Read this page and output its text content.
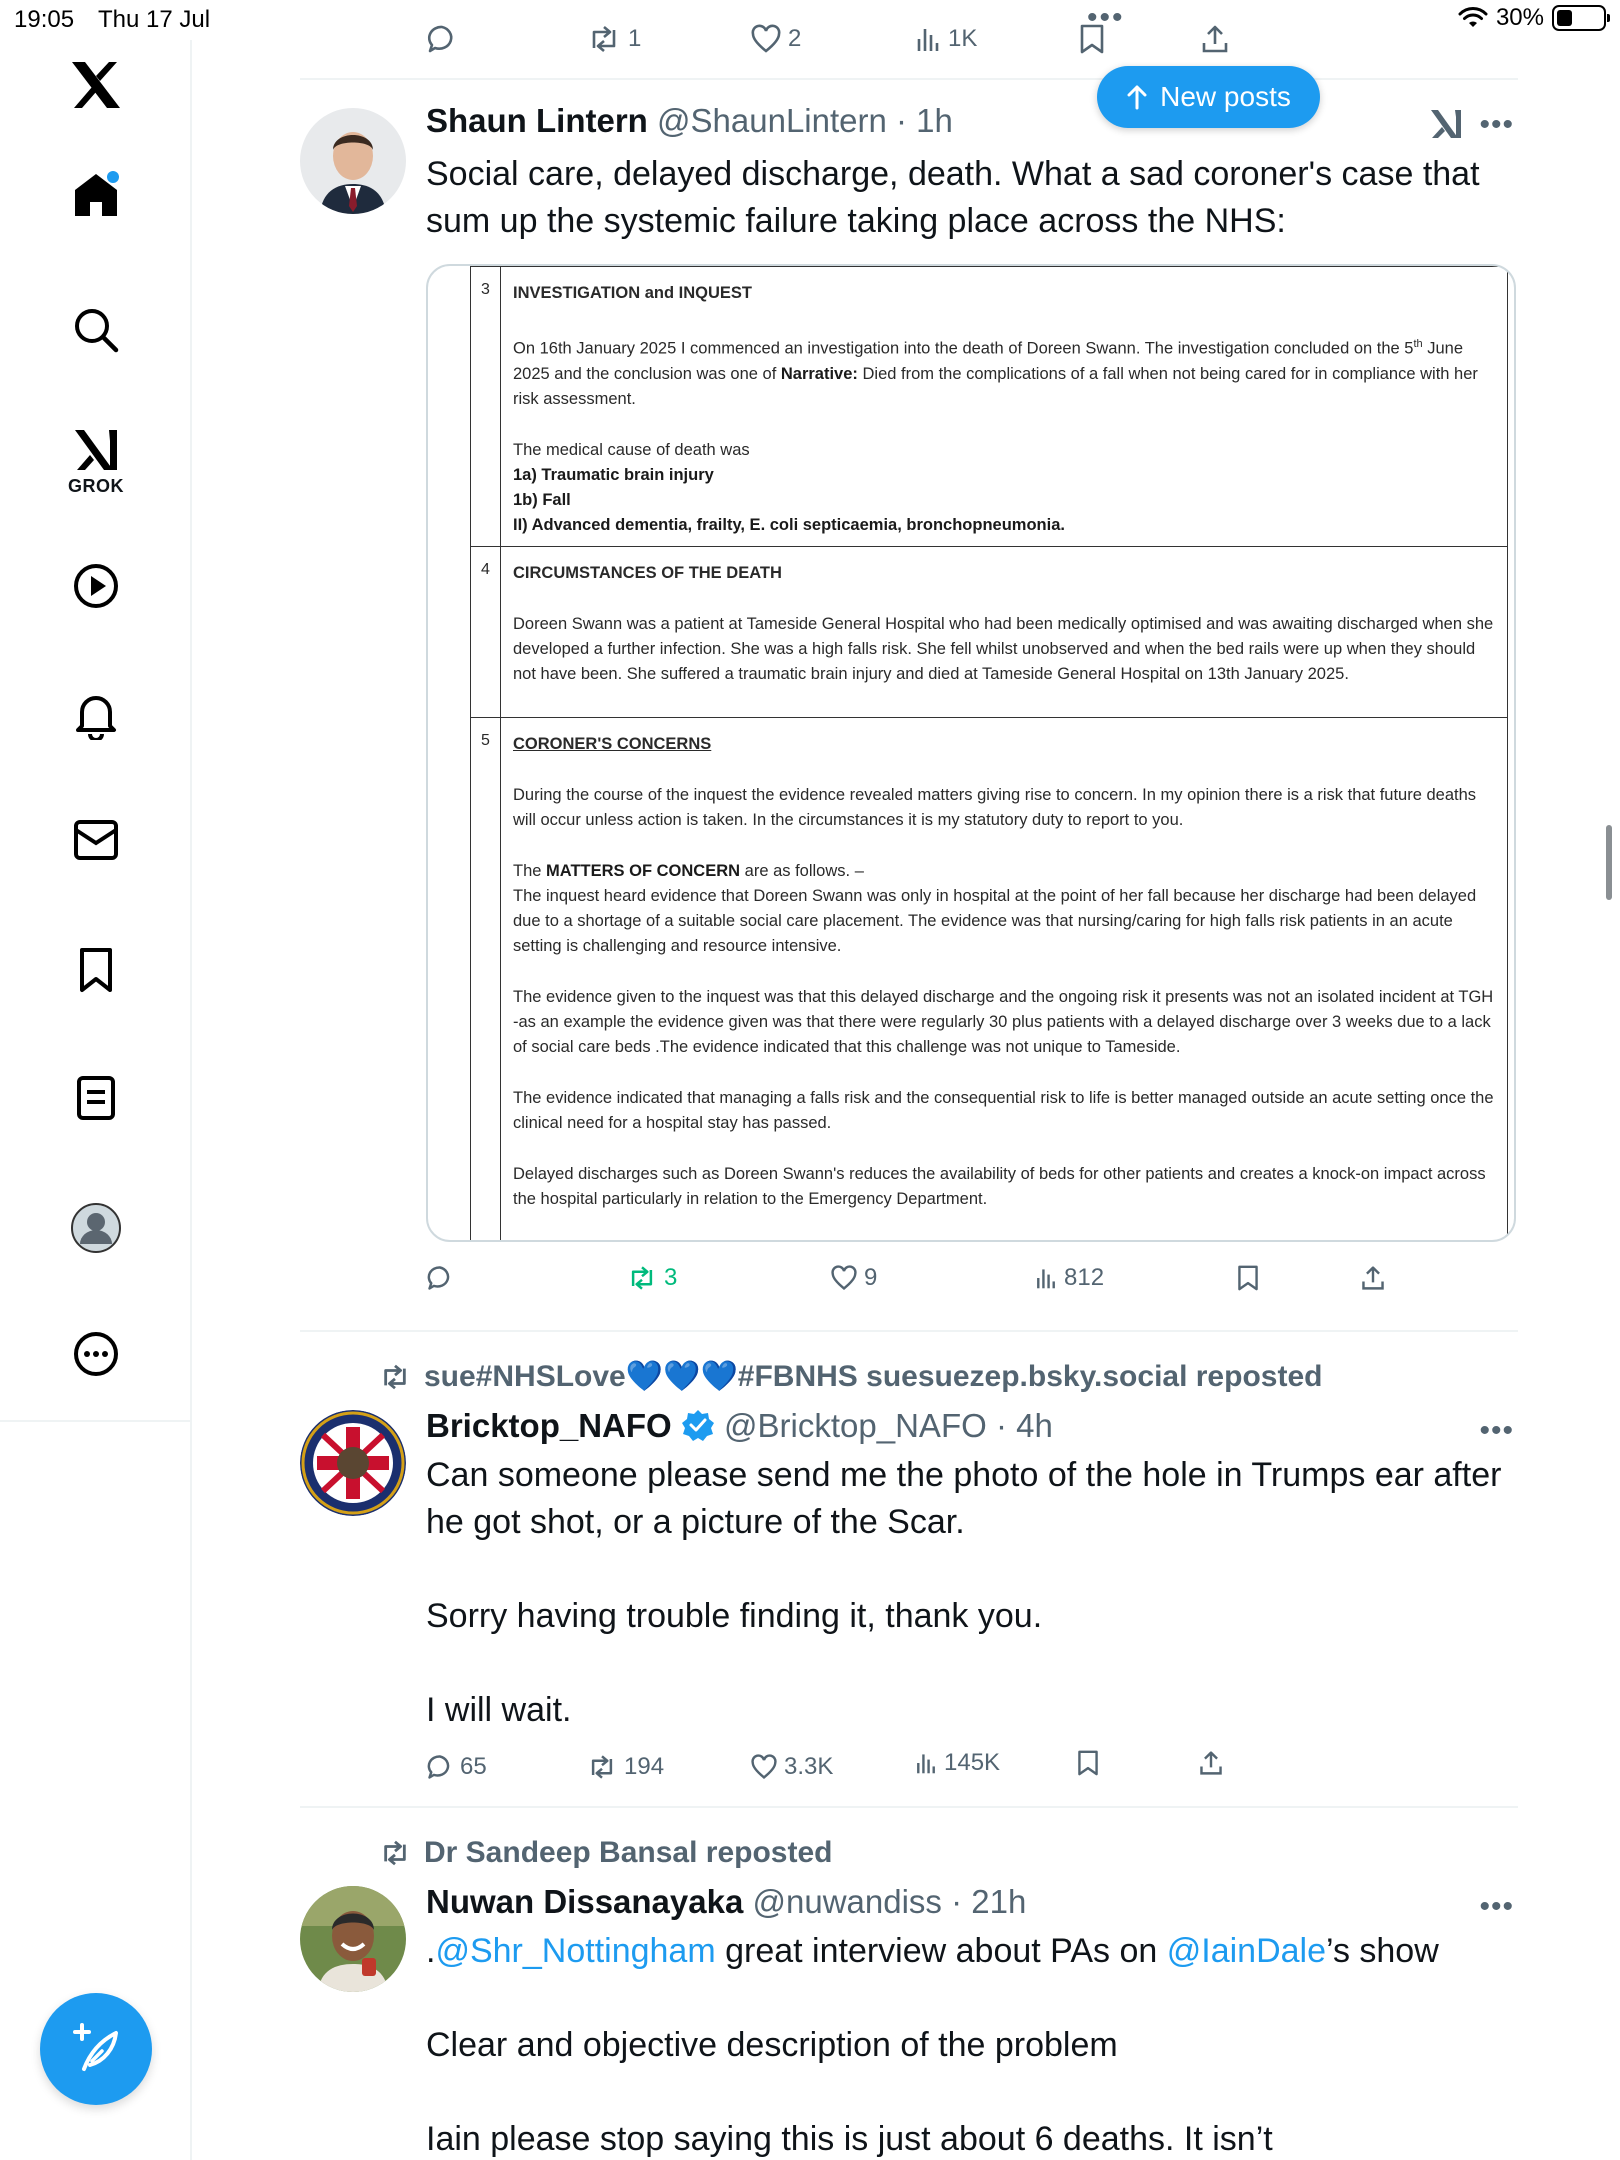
19:05 Thu 17 Jul	30%
GROK
1	2	1K
•••
New posts
Shaun Lintern @ShaunLintern · 1h	•••
Social care, delayed discharge, death. What a sad coroner's case that sum up the systemic failure taking place across the NHS:
3	INVESTIGATION and INQUEST
On 16th January 2025 I commenced an investigation into the death of Doreen Swann. The investigation concluded on the 5th June 2025 and the conclusion was one of Narrative: Died from the complications of a fall when not being cared for in compliance with her risk assessment.
The medical cause of death was
1a) Traumatic brain injury
1b) Fall
II) Advanced dementia, frailty, E. coli septicaemia, bronchopneumonia.
4	CIRCUMSTANCES OF THE DEATH
Doreen Swann was a patient at Tameside General Hospital who had been medically optimised and was awaiting discharged when she developed a further infection. She was a high falls risk. She fell whilst unobserved and when the bed rails were up when they should not have been. She suffered a traumatic brain injury and died at Tameside General Hospital on 13th January 2025.
5	CORONER'S CONCERNS
During the course of the inquest the evidence revealed matters giving rise to concern. In my opinion there is a risk that future deaths will occur unless action is taken. In the circumstances it is my statutory duty to report to you.
The MATTERS OF CONCERN are as follows. –
The inquest heard evidence that Doreen Swann was only in hospital at the point of her fall because her discharge had been delayed due to a shortage of a suitable social care placement. The evidence was that nursing/caring for high falls risk patients in an acute setting is challenging and resource intensive.
The evidence given to the inquest was that this delayed discharge and the ongoing risk it presents was not an isolated incident at TGH -as an example the evidence given was that there were regularly 30 plus patients with a delayed discharge over 3 weeks due to a lack of social care beds .The evidence indicated that this challenge was not unique to Tameside.
The evidence indicated that managing a falls risk and the consequential risk to life is better managed outside an acute setting once the clinical need for a hospital stay has passed.
Delayed discharges such as Doreen Swann's reduces the availability of beds for other patients and creates a knock-on impact across the hospital particularly in relation to the Emergency Department.
3	9	812
sue#NHSLove💙💙💙#FBNHS suesuezep.bsky.social reposted
Bricktop_NAFO @Bricktop_NAFO · 4h	•••

Can someone please send me the photo of the hole in Trumps ear after he got shot, or a picture of the Scar.

Sorry having trouble finding it, thank you.

I will wait.

65	194	3.3K	145K
Dr Sandeep Bansal reposted
Nuwan Dissanayaka @nuwandiss · 21h	•••

.@Shr_Nottingham great interview about PAs on @IainDale’s show

Clear and objective description of the problem

Iain please stop saying this is just about 6 deaths. It isn’t
